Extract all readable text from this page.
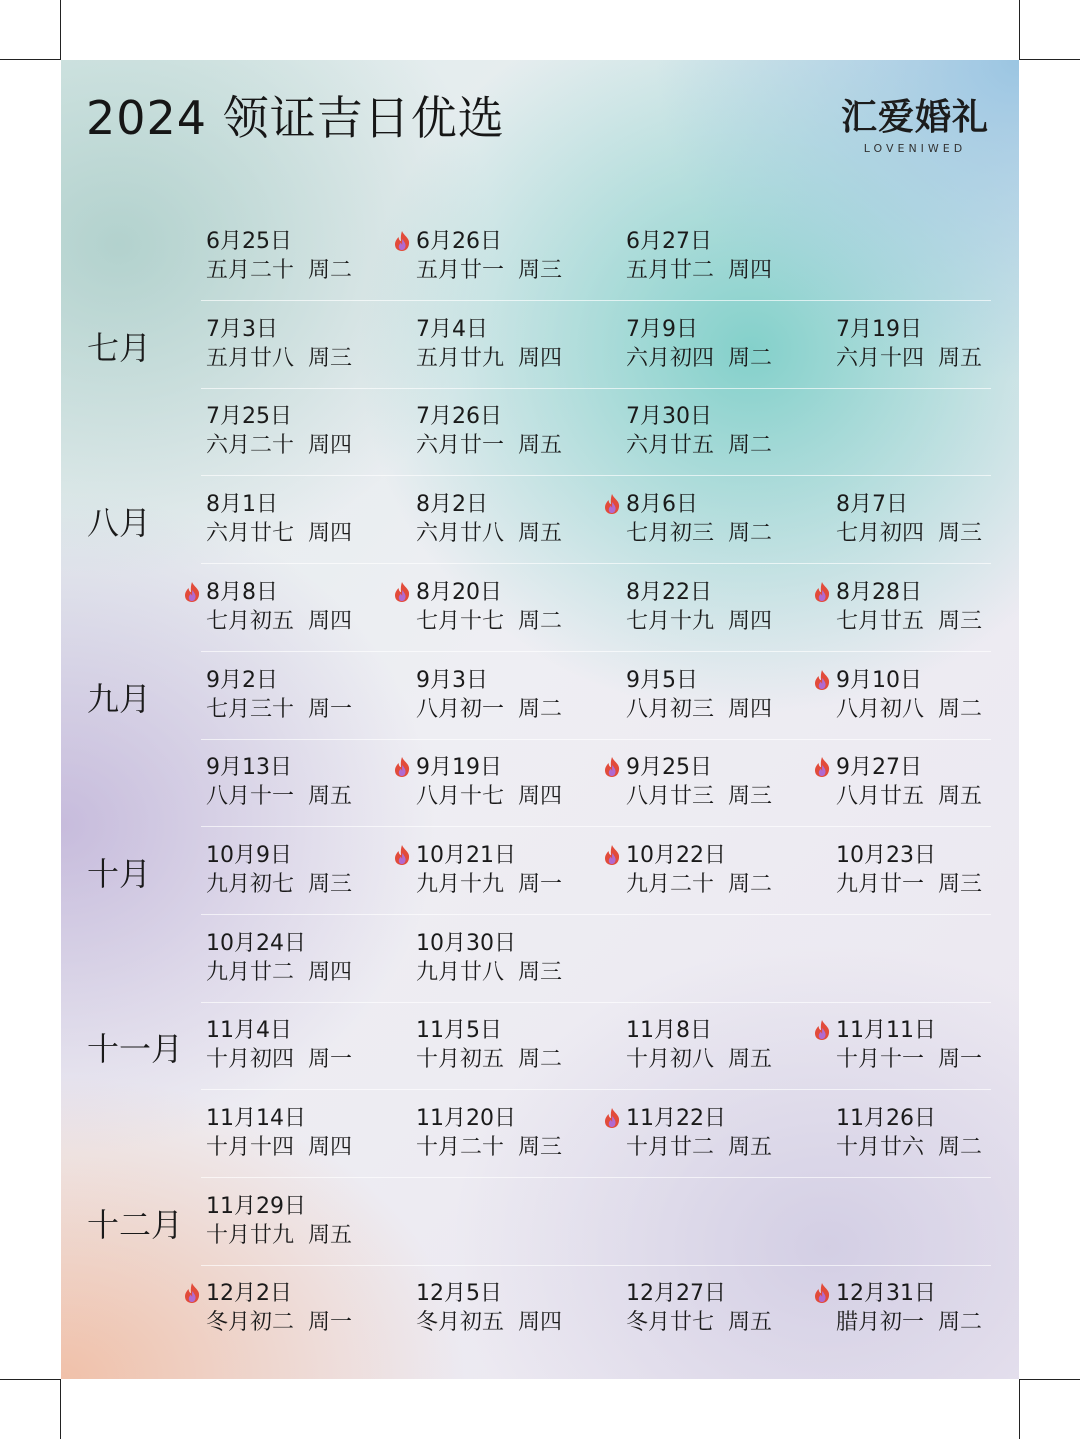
2024 领证吉日优选	汇爱婚礼
LOVENIWED
6月25日
五月二十 周二
6月26日
五月廿一 周三
6月27日
五月廿二 周四
7月3日
五月廿八 周三
7月4日
五月廿九 周四
7月9日
六月初四 周二
7月19日
六月十四 周五
7月25日
六月二十 周四
7月26日
六月廿一 周五
7月30日
六月廿五 周二
8月1日
六月廿七 周四
8月2日
六月廿八 周五
8月6日
七月初三 周二
8月7日
七月初四 周三
8月8日
七月初五 周四
8月20日
七月十七 周二
8月22日
七月十九 周四
8月28日
七月廿五 周三
9月2日
七月三十 周一
9月3日
八月初一 周二
9月5日
八月初三 周四
9月10日
八月初八 周二
9月13日
八月十一 周五
9月19日
八月十七 周四
9月25日
八月廿三 周三
9月27日
八月廿五 周五
10月9日
九月初七 周三
10月21日
九月十九 周一
10月22日
九月二十 周二
10月23日
九月廿一 周三
10月24日
九月廿二 周四
10月30日
九月廿八 周三
11月4日
十月初四 周一
11月5日
十月初五 周二
11月8日
十月初八 周五
11月11日
十月十一 周一
11月14日
十月十四 周四
11月20日
十月二十 周三
11月22日
十月廿二 周五
11月26日
十月廿六 周二
11月29日
十月廿九 周五
12月2日
冬月初二 周一
12月5日
冬月初五 周四
12月27日
冬月廿七 周五
12月31日
腊月初一 周二
七月
八月
九月
十月
十一月
十二月
